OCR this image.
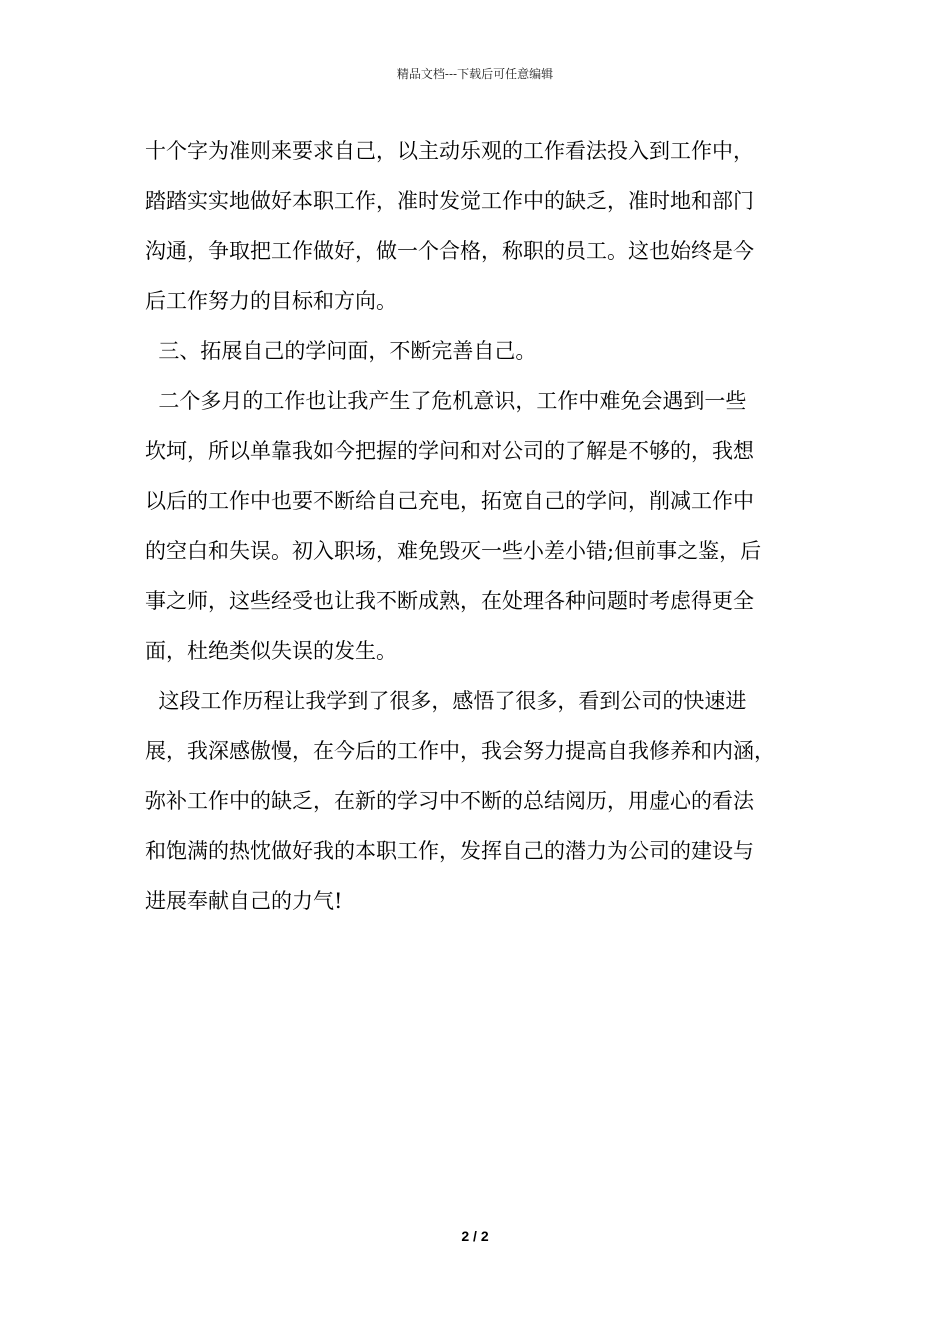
精品文档---下载后可任意编辑
十个字为准则来要求自己，以主动乐观的工作看法投入到工作中，
踏踏实实地做好本职工作，准时发觉工作中的缺乏，准时地和部门
沟通，争取把工作做好，做一个合格，称职的员工。这也始终是今
后工作努力的目标和方向。
三、拓展自己的学问面，不断完善自己。
二个多月的工作也让我产生了危机意识，工作中难免会遇到一些
坎坷，所以单靠我如今把握的学问和对公司的了解是不够的，我想
以后的工作中也要不断给自己充电，拓宽自己的学问，削减工作中
的空白和失误。初入职场，难免毁灭一些小差小错;但前事之鉴，后
事之师，这些经受也让我不断成熟，在处理各种问题时考虑得更全
面，杜绝类似失误的发生。
这段工作历程让我学到了很多，感悟了很多，看到公司的快速进
展，我深感傲慢，在今后的工作中，我会努力提高自我修养和内涵，
弥补工作中的缺乏，在新的学习中不断的总结阅历，用虚心的看法
和饱满的热忱做好我的本职工作，发挥自己的潜力为公司的建设与
进展奉献自己的力气!
2 / 2
